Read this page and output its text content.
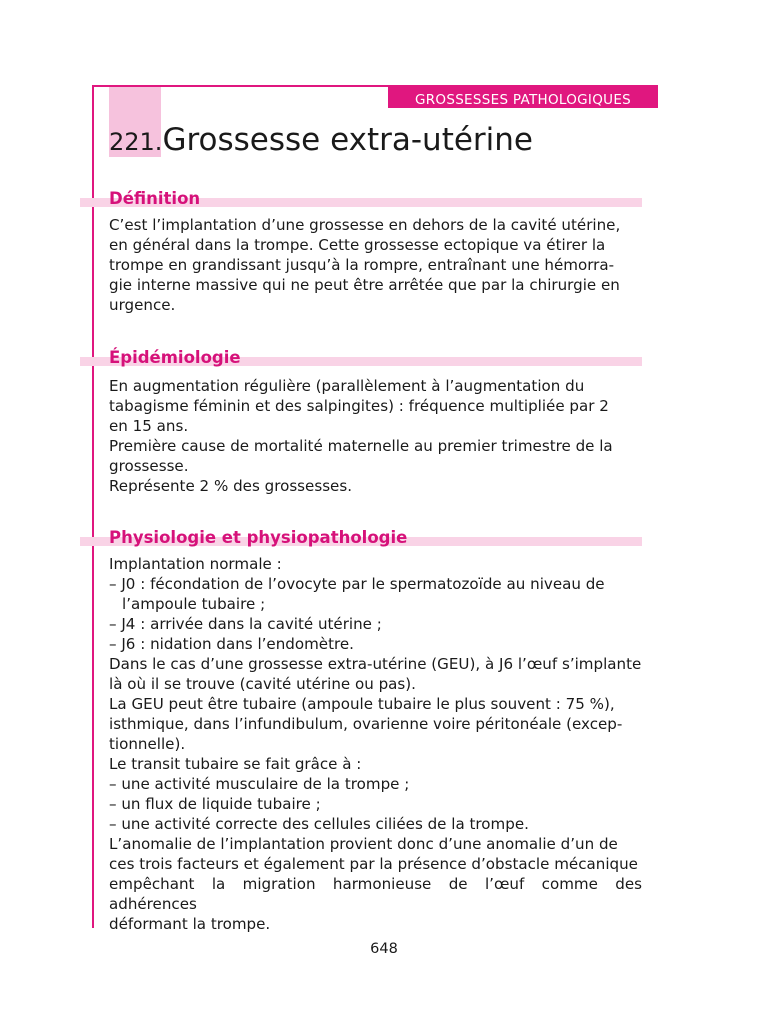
GROSSESSES PATHOLOGIQUES
221.Grossesse extra-utérine
Définition

C’est l’implantation d’une grossesse en dehors de la cavité utérine,
en général dans la trompe. Cette grossesse ectopique va étirer la
trompe en grandissant jusqu’à la rompre, entraînant une hémorra-
gie interne massive qui ne peut être arrêtée que par la chirurgie en
urgence.

Épidémiologie

En augmentation régulière (parallèlement à l’augmentation du
tabagisme féminin et des salpingites) : fréquence multipliée par 2
en 15 ans.
Première cause de mortalité maternelle au premier trimestre de la
grossesse.
Représente 2 % des grossesses.

Physiologie et physiopathologie

Implantation normale :
– J0 : fécondation de l’ovocyte par le spermatozoïde au niveau de
l’ampoule tubaire ;
– J4 : arrivée dans la cavité utérine ;
– J6 : nidation dans l’endomètre.
Dans le cas d’une grossesse extra-utérine (GEU), à J6 l’œuf s’implante
là où il se trouve (cavité utérine ou pas).
La GEU peut être tubaire (ampoule tubaire le plus souvent : 75 %),
isthmique, dans l’infundibulum, ovarienne voire péritonéale (excep-
tionnelle).
Le transit tubaire se fait grâce à :
– une activité musculaire de la trompe ;
– un flux de liquide tubaire ;
– une activité correcte des cellules ciliées de la trompe.
L’anomalie de l’implantation provient donc d’une anomalie d’un de
ces trois facteurs et également par la présence d’obstacle mécanique
empêchant la migration harmonieuse de l’œuf comme des adhérences
déformant la trompe.

648
